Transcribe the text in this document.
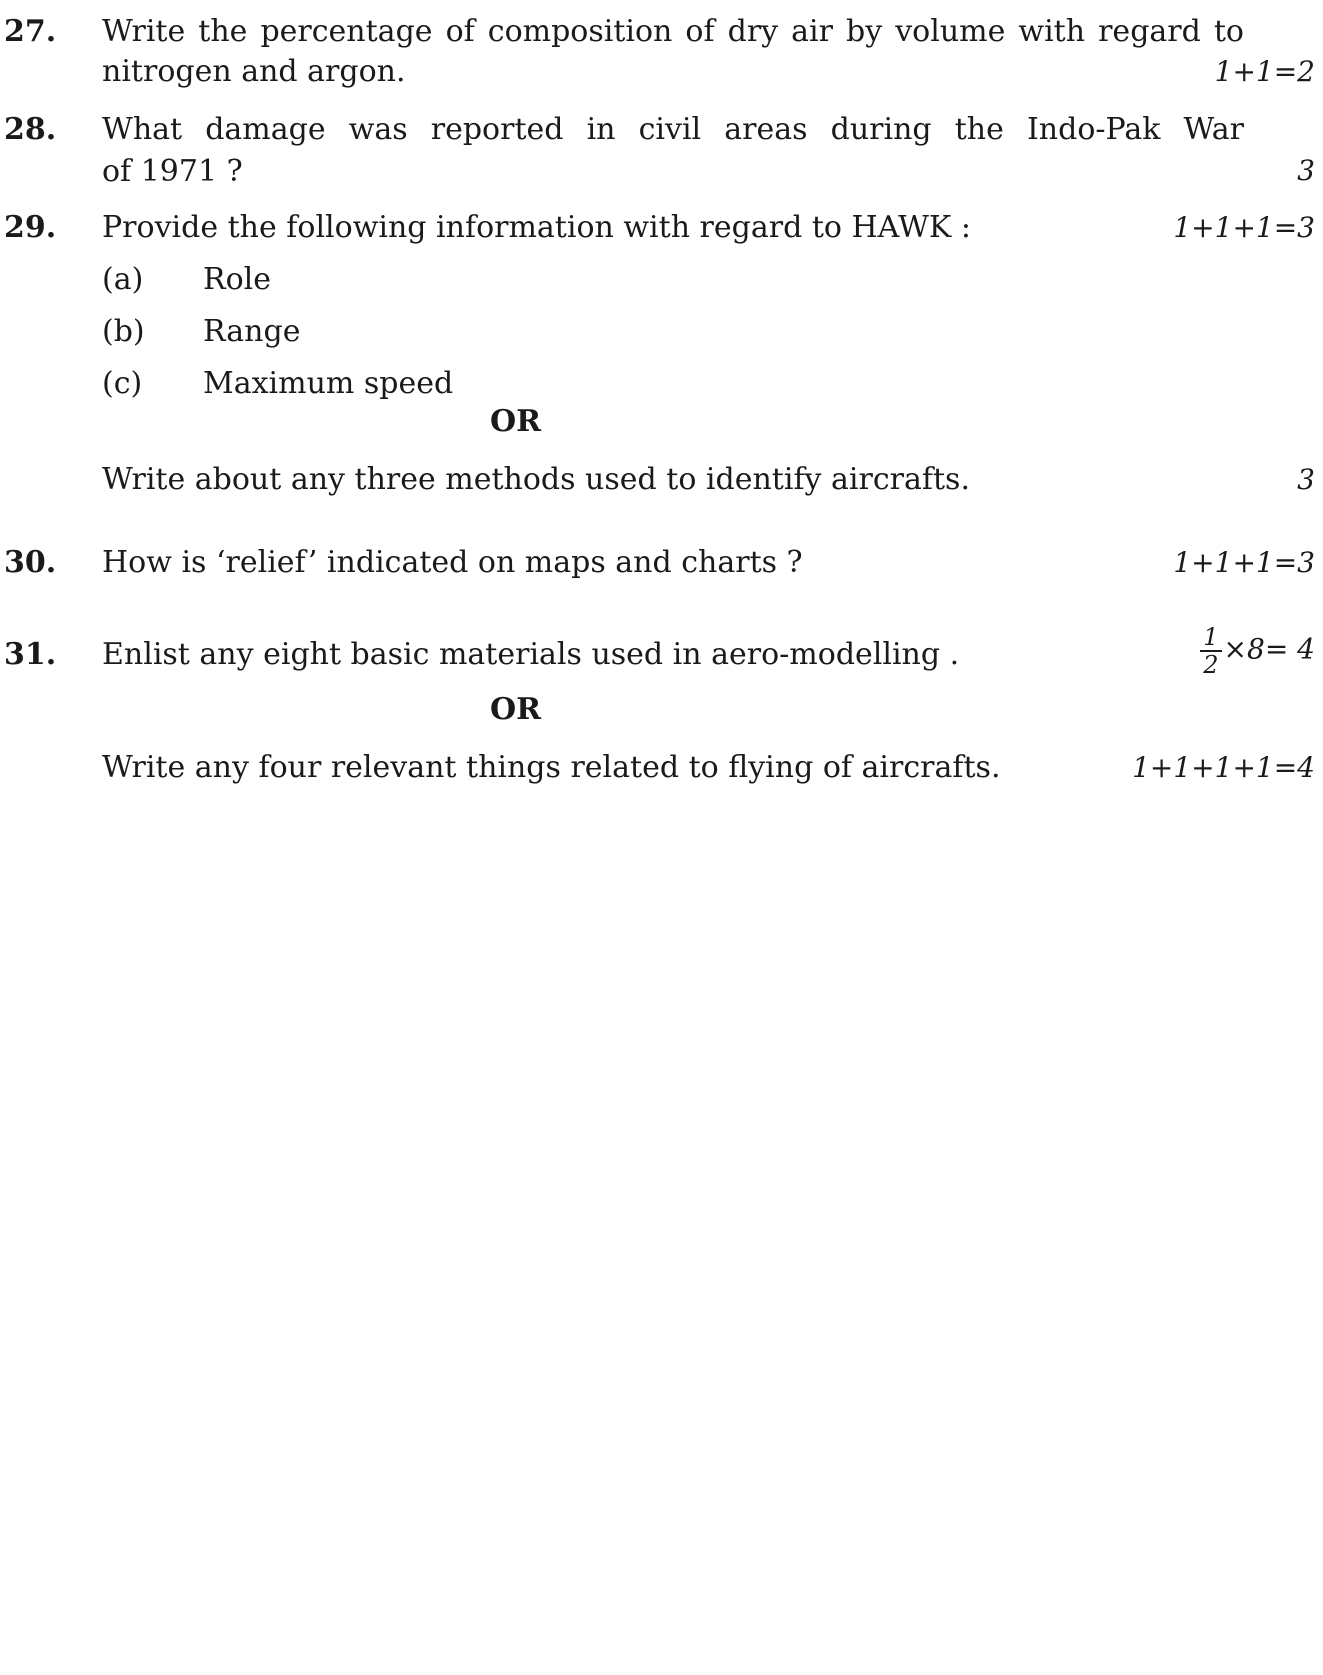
27. Write the percentage of composition of dry air by volume with regard to
nitrogen and argon.	1+1=2
28. What damage was reported in civil areas during the Indo-Pak War
of 1971 ?	3
29. Provide the following information with regard to HAWK :	1+1+1=3
(a) Role
(b) Range
(c) Maximum speed
OR
Write about any three methods used to identify aircrafts.	3
30. How is ‘relief’ indicated on maps and charts ?	1+1+1=3
31. Enlist any eight basic materials used in aero-modelling .	$\frac{1}{2} \times 8= 4$
OR
Write any four relevant things related to flying of aircrafts.	1+1+1+1=4
